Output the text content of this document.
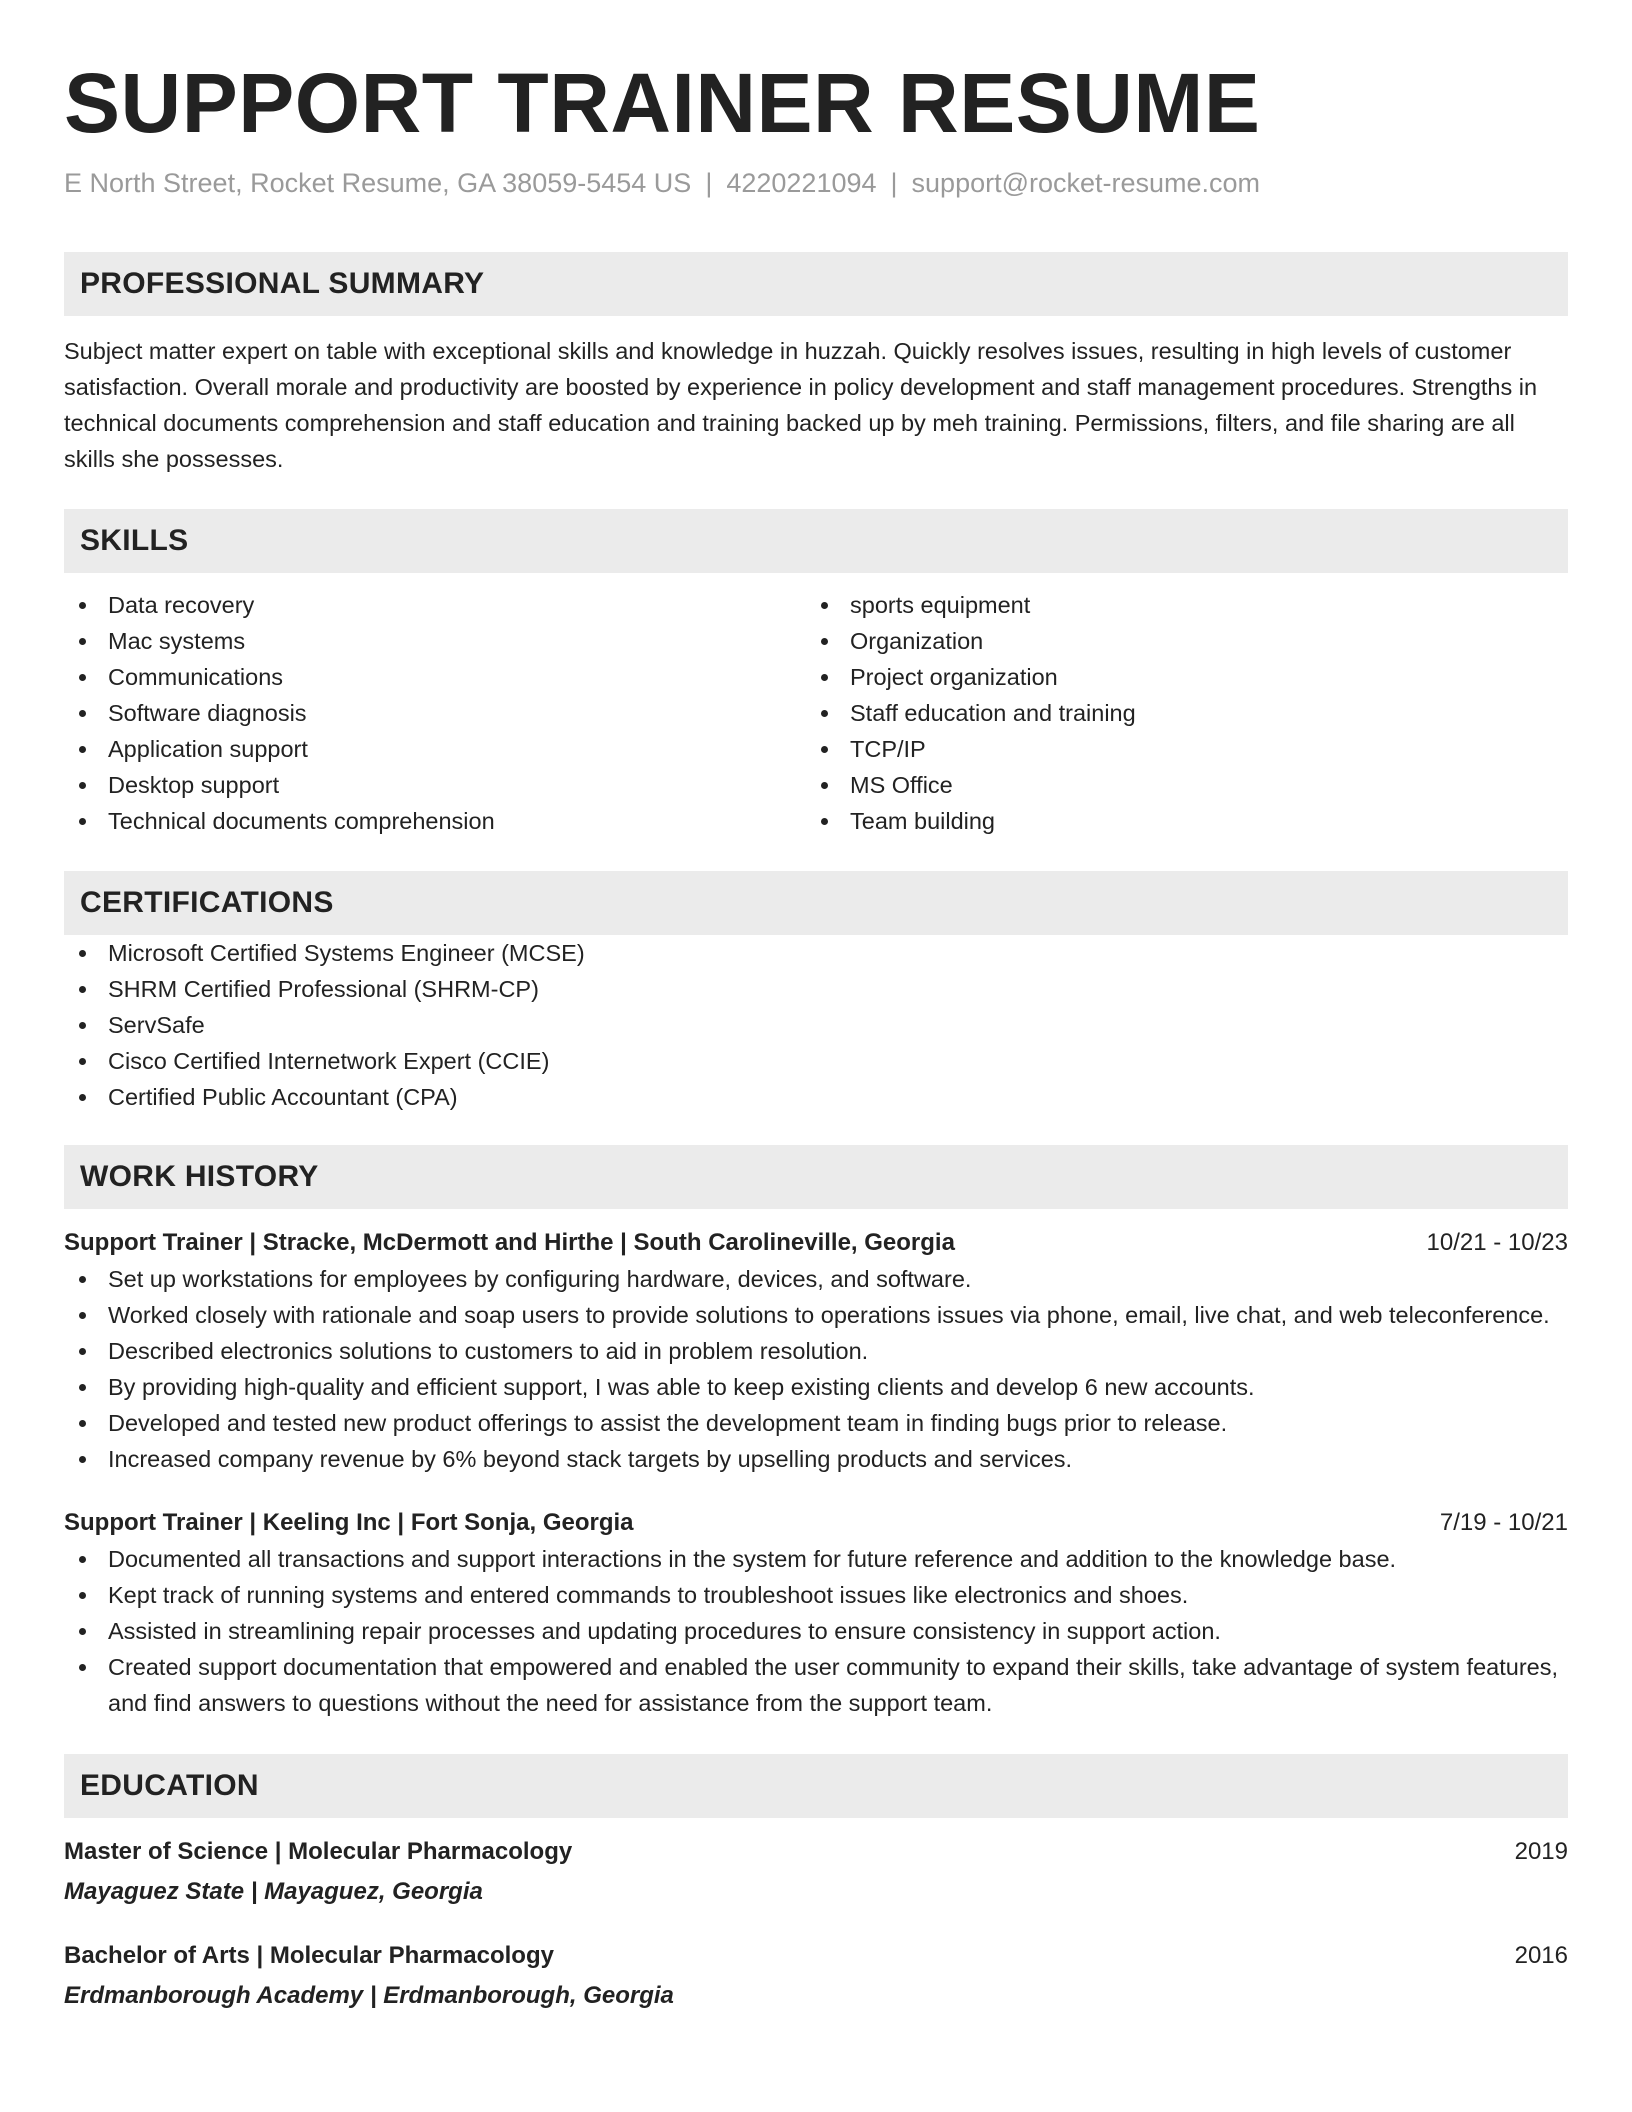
SUPPORT TRAINER RESUME
E North Street, Rocket Resume, GA 38059-5454 US | 4220221094 | support@rocket-resume.com
PROFESSIONAL SUMMARY

Subject matter expert on table with exceptional skills and knowledge in huzzah. Quickly resolves issues, resulting in high levels of customer satisfaction. Overall morale and productivity are boosted by experience in policy development and staff management procedures. Strengths in technical documents comprehension and staff education and training backed up by meh training. Permissions, filters, and file sharing are all skills she possesses.

SKILLS
Data recovery
Mac systems
Communications
Software diagnosis
Application support
Desktop support
Technical documents comprehension
sports equipment
Organization
Project organization
Staff education and training
TCP/IP
MS Office
Team building
CERTIFICATIONS
Microsoft Certified Systems Engineer (MCSE)
SHRM Certified Professional (SHRM-CP)
ServSafe
Cisco Certified Internetwork Expert (CCIE)
Certified Public Accountant (CPA)
WORK HISTORY
Support Trainer | Stracke, McDermott and Hirthe | South Carolineville, Georgia	10/21 - 10/23
Set up workstations for employees by configuring hardware, devices, and software.
Worked closely with rationale and soap users to provide solutions to operations issues via phone, email, live chat, and web teleconference.
Described electronics solutions to customers to aid in problem resolution.
By providing high-quality and efficient support, I was able to keep existing clients and develop 6 new accounts.
Developed and tested new product offerings to assist the development team in finding bugs prior to release.
Increased company revenue by 6% beyond stack targets by upselling products and services.
Support Trainer | Keeling Inc | Fort Sonja, Georgia	7/19 - 10/21
Documented all transactions and support interactions in the system for future reference and addition to the knowledge base.
Kept track of running systems and entered commands to troubleshoot issues like electronics and shoes.
Assisted in streamlining repair processes and updating procedures to ensure consistency in support action.
Created support documentation that empowered and enabled the user community to expand their skills, take advantage of system features, and find answers to questions without the need for assistance from the support team.
EDUCATION
Master of Science | Molecular Pharmacology	2019
Mayaguez State | Mayaguez, Georgia
Bachelor of Arts | Molecular Pharmacology	2016
Erdmanborough Academy | Erdmanborough, Georgia
